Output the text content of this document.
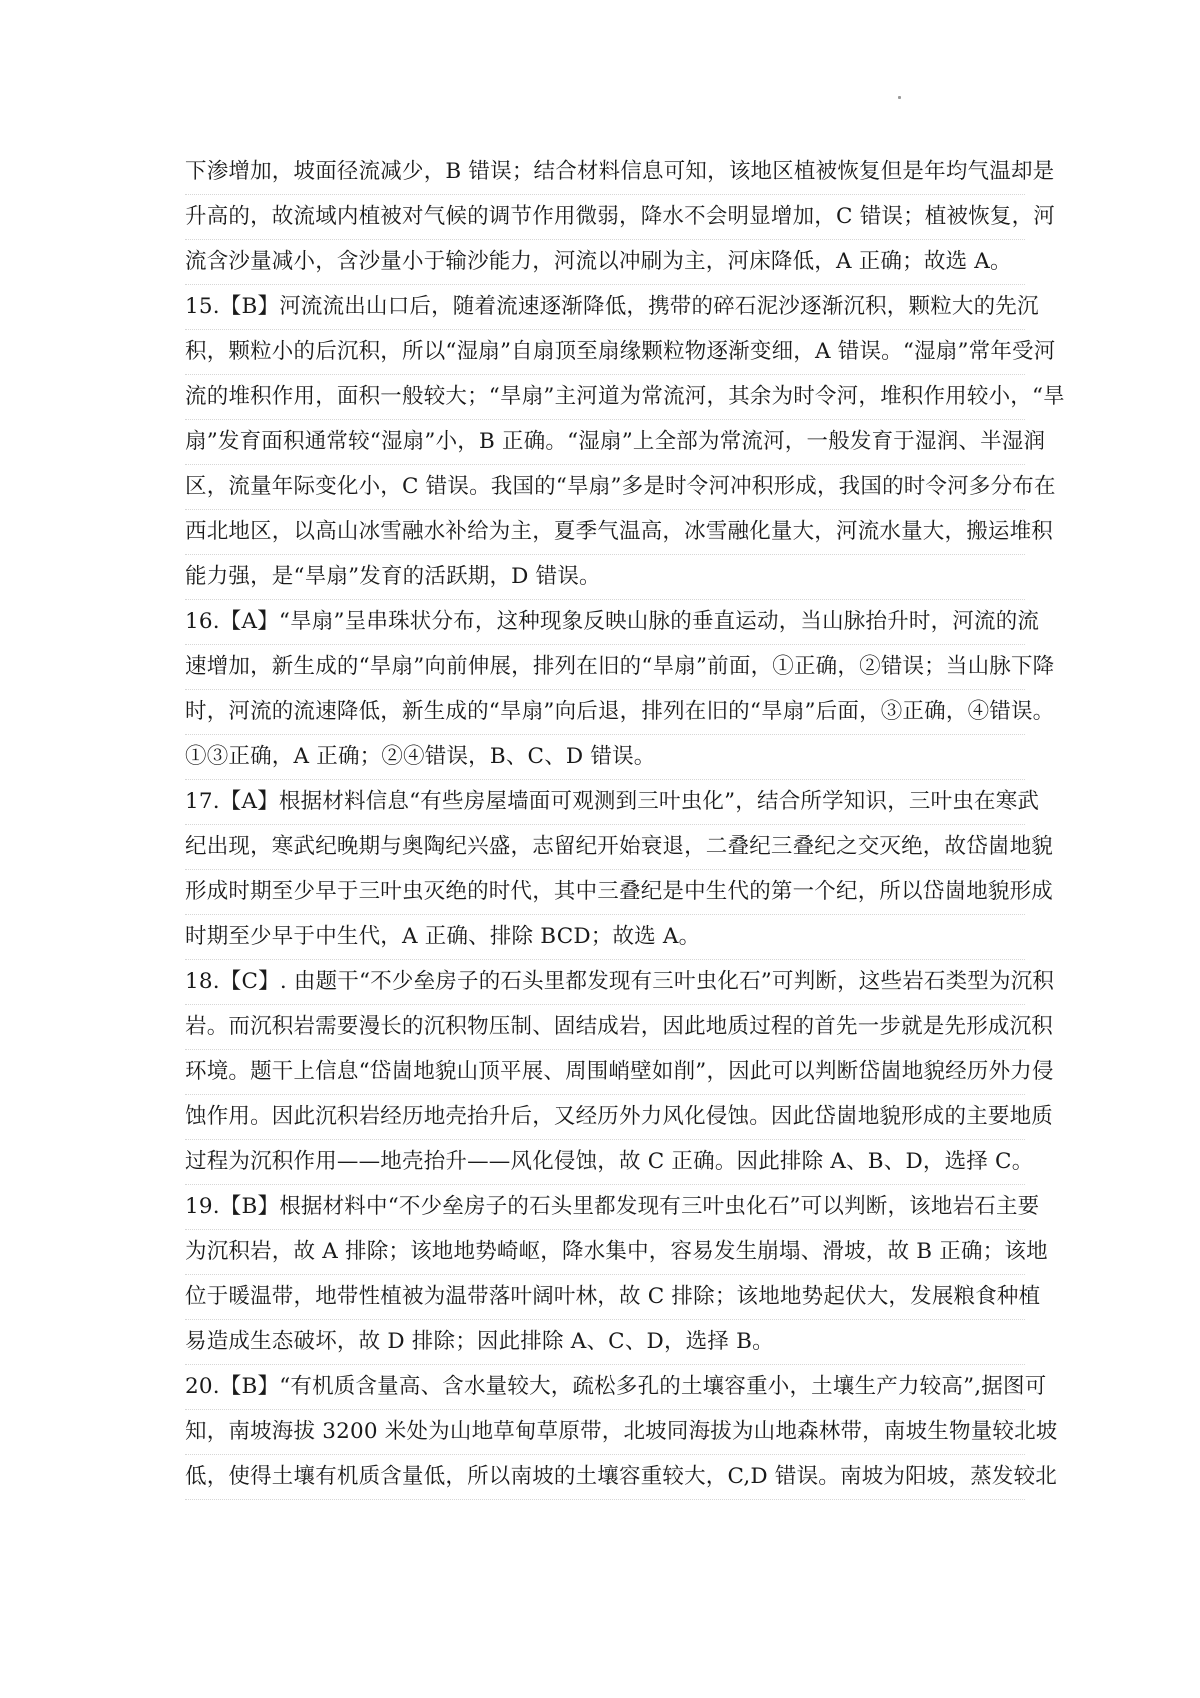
下渗增加，坡面径流减少，B 错误；结合材料信息可知，该地区植被恢复但是年均气温却是
升高的，故流域内植被对气候的调节作用微弱，降水不会明显增加，C 错误；植被恢复，河
流含沙量减小，含沙量小于输沙能力，河流以冲刷为主，河床降低，A 正确；故选 A。
15.【B】河流流出山口后，随着流速逐渐降低，携带的碎石泥沙逐渐沉积，颗粒大的先沉
积，颗粒小的后沉积，所以“湿扇”自扇顶至扇缘颗粒物逐渐变细，A 错误。“湿扇”常年受河
流的堆积作用，面积一般较大；“旱扇”主河道为常流河，其余为时令河，堆积作用较小，“旱
扇”发育面积通常较“湿扇”小，B 正确。“湿扇”上全部为常流河，一般发育于湿润、半湿润
区，流量年际变化小，C 错误。我国的“旱扇”多是时令河冲积形成，我国的时令河多分布在
西北地区，以高山冰雪融水补给为主，夏季气温高，冰雪融化量大，河流水量大，搬运堆积
能力强，是“旱扇”发育的活跃期，D 错误。
16.【A】“旱扇”呈串珠状分布，这种现象反映山脉的垂直运动，当山脉抬升时，河流的流
速增加，新生成的“旱扇”向前伸展，排列在旧的“旱扇”前面，①正确，②错误；当山脉下降
时，河流的流速降低，新生成的“旱扇”向后退，排列在旧的“旱扇”后面，③正确，④错误。
①③正确，A 正确；②④错误，B、C、D 错误。
17.【A】根据材料信息“有些房屋墙面可观测到三叶虫化”，结合所学知识，三叶虫在寒武
纪出现，寒武纪晚期与奥陶纪兴盛，志留纪开始衰退，二叠纪三叠纪之交灭绝，故岱崮地貌
形成时期至少早于三叶虫灭绝的时代，其中三叠纪是中生代的第一个纪，所以岱崮地貌形成
时期至少早于中生代，A 正确、排除 BCD；故选 A。
18.【C】. 由题干“不少垒房子的石头里都发现有三叶虫化石”可判断，这些岩石类型为沉积
岩。而沉积岩需要漫长的沉积物压制、固结成岩，因此地质过程的首先一步就是先形成沉积
环境。题干上信息“岱崮地貌山顶平展、周围峭壁如削”，因此可以判断岱崮地貌经历外力侵
蚀作用。因此沉积岩经历地壳抬升后，又经历外力风化侵蚀。因此岱崮地貌形成的主要地质
过程为沉积作用——地壳抬升——风化侵蚀，故 C 正确。因此排除 A、B、D，选择 C。
19.【B】根据材料中“不少垒房子的石头里都发现有三叶虫化石”可以判断，该地岩石主要
为沉积岩，故 A 排除；该地地势崎岖，降水集中，容易发生崩塌、滑坡，故 B 正确；该地
位于暖温带，地带性植被为温带落叶阔叶林，故 C 排除；该地地势起伏大，发展粮食种植
易造成生态破坏，故 D 排除；因此排除 A、C、D，选择 B。
20.【B】“有机质含量高、含水量较大，疏松多孔的土壤容重小，土壤生产力较高”,据图可
知，南坡海拔 3200 米处为山地草甸草原带，北坡同海拔为山地森林带，南坡生物量较北坡
低，使得土壤有机质含量低，所以南坡的土壤容重较大，C,D 错误。南坡为阳坡，蒸发较北
